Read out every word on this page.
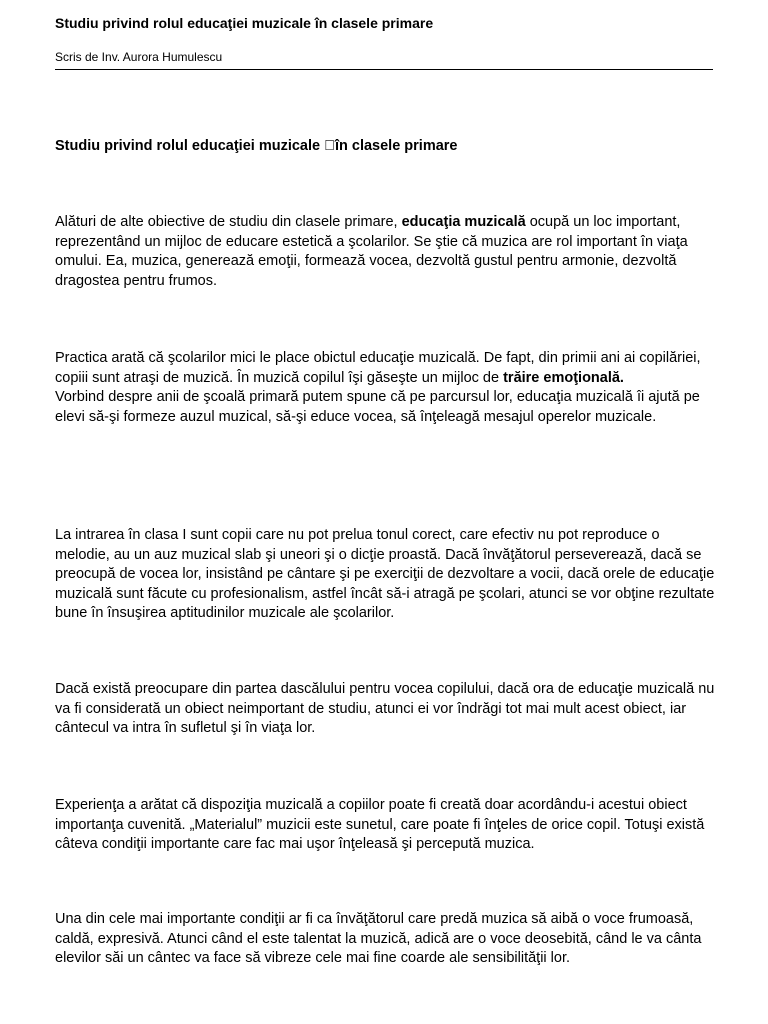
Studiu privind rolul educaţiei muzicale în clasele primare
Scris de Inv. Aurora Humulescu
Studiu privind rolul educaţiei muzicale  în clasele primare

Alături de alte obiective de studiu din clasele primare, educaţia muzicală ocupă un loc important, reprezentând un mijloc de educare estetică a şcolarilor. Se ştie că muzica are rol important în viaţa omului. Ea, muzica, generează emoţii, formează vocea, dezvoltă gustul pentru armonie, dezvoltă dragostea pentru frumos.

Practica arată că şcolarilor mici le place obictul educaţie muzicală. De fapt, din primii ani ai copilăriei, copiii sunt atraşi de muzică. În muzică copilul îşi găseşte un mijloc de trăire emoţională.
Vorbind despre anii de şcoală primară putem spune că pe parcursul lor, educaţia muzicală îi ajută pe elevi să-şi formeze auzul muzical, să-şi educe vocea, să înţeleagă mesajul operelor muzicale.

La intrarea în clasa I sunt copii care nu pot prelua tonul corect, care efectiv nu pot reproduce o melodie, au un auz muzical slab şi uneori şi o dicţie proastă. Dacă învăţătorul perseverează, dacă se preocupă de vocea lor, insistând pe cântare şi pe exerciţii de dezvoltare a vocii, dacă orele de educaţie muzicală sunt făcute cu profesionalism, astfel încât să-i atragă pe şcolari, atunci se vor obţine rezultate bune în însuşirea aptitudinilor muzicale ale şcolarilor.

Dacă există preocupare din partea dascălului pentru vocea copilului, dacă ora de educaţie muzicală nu va fi considerată un obiect neimportant de studiu, atunci ei vor îndrăgi tot mai mult acest obiect, iar cântecul va intra în sufletul şi în viaţa lor.

Experienţa a arătat că dispoziţia muzicală a copiilor poate fi creată doar acordându-i acestui obiect importanţa cuvenită. „Materialul” muzicii este sunetul, care poate fi înţeles de orice copil. Totuşi există câteva condiţii importante care fac mai uşor înţeleasă şi percepută muzica.

Una din cele mai importante condiţii ar fi ca învăţătorul care predă muzica să aibă o voce frumoasă, caldă, expresivă. Atunci când el este talentat la muzică, adică are o voce deosebită, când le va cânta elevilor săi un cântec va face să vibreze cele mai fine coarde ale sensibilităţii lor.
